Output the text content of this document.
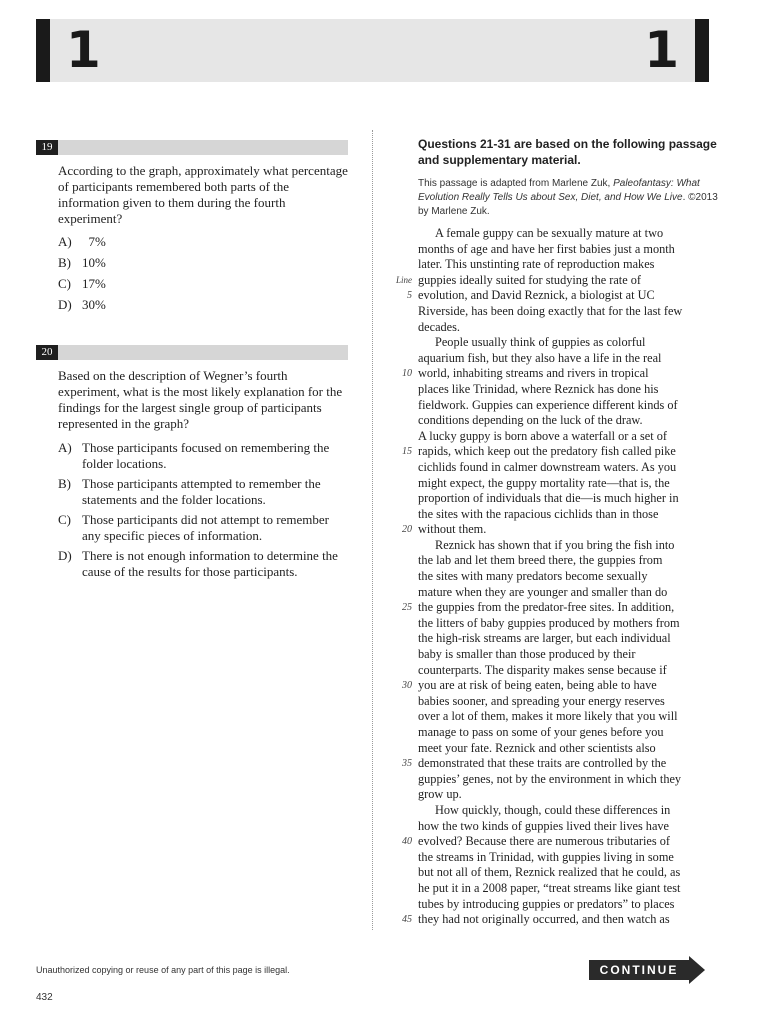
1	1
19

According to the graph, approximately what percentage of participants remembered both parts of the information given to them during the fourth experiment?

A) 7%
B) 10%
C) 17%
D) 30%
20

Based on the description of Wegner’s fourth experiment, what is the most likely explanation for the findings for the largest single group of participants represented in the graph?

A) Those participants focused on remembering the folder locations.
B) Those participants attempted to remember the statements and the folder locations.
C) Those participants did not attempt to remember any specific pieces of information.
D) There is not enough information to determine the cause of the results for those participants.

Questions 21-31 are based on the following passage and supplementary material.

This passage is adapted from Marlene Zuk, Paleofantasy: What Evolution Really Tells Us about Sex, Diet, and How We Live. ©2013 by Marlene Zuk.

A female guppy can be sexually mature at two
months of age and have her first babies just a month
later. This unstinting rate of reproduction makes
Line guppies ideally suited for studying the rate of
5 evolution, and David Reznick, a biologist at UC
Riverside, has been doing exactly that for the last few
decades.
People usually think of guppies as colorful
aquarium fish, but they also have a life in the real
10 world, inhabiting streams and rivers in tropical
places like Trinidad, where Reznick has done his
fieldwork. Guppies can experience different kinds of
conditions depending on the luck of the draw.
A lucky guppy is born above a waterfall or a set of
15 rapids, which keep out the predatory fish called pike
cichlids found in calmer downstream waters. As you
might expect, the guppy mortality rate—that is, the
proportion of individuals that die—is much higher in
the sites with the rapacious cichlids than in those
20 without them.
Reznick has shown that if you bring the fish into
the lab and let them breed there, the guppies from
the sites with many predators become sexually
mature when they are younger and smaller than do
25 the guppies from the predator-free sites. In addition,
the litters of baby guppies produced by mothers from
the high-risk streams are larger, but each individual
baby is smaller than those produced by their
counterparts. The disparity makes sense because if
30 you are at risk of being eaten, being able to have
babies sooner, and spreading your energy reserves
over a lot of them, makes it more likely that you will
manage to pass on some of your genes before you
meet your fate. Reznick and other scientists also
35 demonstrated that these traits are controlled by the
guppies’ genes, not by the environment in which they
grow up.
How quickly, though, could these differences in
how the two kinds of guppies lived their lives have
40 evolved? Because there are numerous tributaries of
the streams in Trinidad, with guppies living in some
but not all of them, Reznick realized that he could, as
he put it in a 2008 paper, “treat streams like giant test
tubes by introducing guppies or predators” to places
45 they had not originally occurred, and then watch as
Unauthorized copying or reuse of any part of this page is illegal.
432
CONTINUE
